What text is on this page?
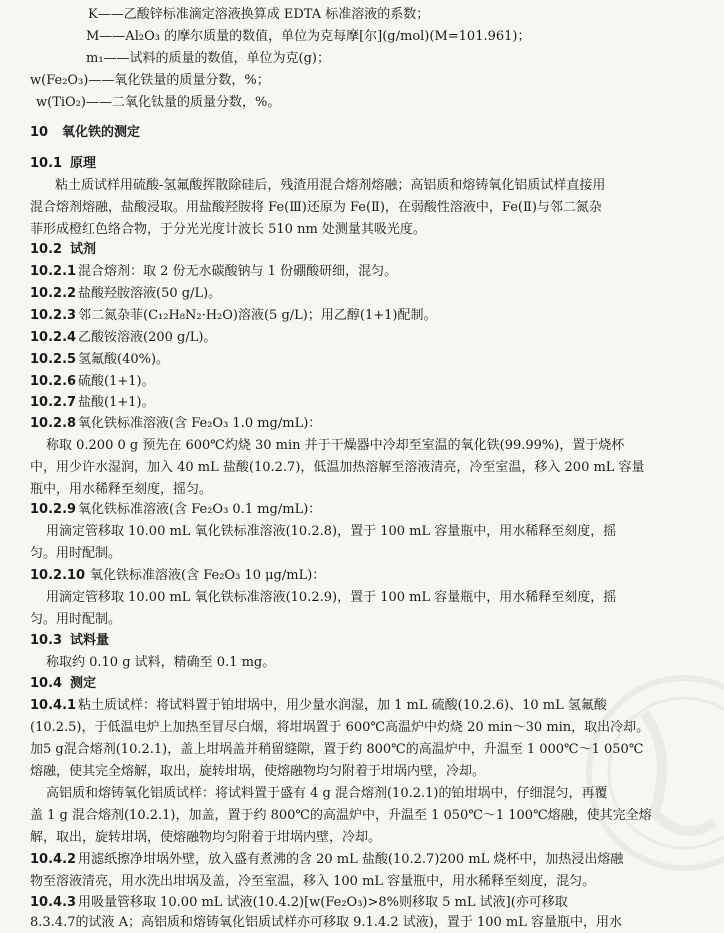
K——乙酸锌标准滴定溶液换算成 EDTA 标准溶液的系数；
M——Al₂O₃ 的摩尔质量的数值，单位为克每摩[尔](g/mol)(M=101.961)；
m₁——试料的质量的数值，单位为克(g)；
w(Fe₂O₃)——氧化铁量的质量分数，%；
w(TiO₂)——二氧化钛量的质量分数，%。
10 氧化铁的测定
10.1 原理
粘土质试样用硫酸-氢氟酸挥散除硅后，残渣用混合熔剂熔融；高铝质和熔铸氧化铝质试样直接用
混合熔剂熔融，盐酸浸取。用盐酸羟胺将 Fe(Ⅲ)还原为 Fe(Ⅱ)，在弱酸性溶液中，Fe(Ⅱ)与邻二氮杂
菲形成橙红色络合物，于分光光度计波长 510 nm 处测量其吸光度。
10.2 试剂
10.2.1 混合熔剂：取 2 份无水碳酸钠与 1 份硼酸研细，混匀。
10.2.2 盐酸羟胺溶液(50 g/L)。
10.2.3 邻二氮杂菲(C₁₂H₈N₂·H₂O)溶液(5 g/L)；用乙醇(1+1)配制。
10.2.4 乙酸铵溶液(200 g/L)。
10.2.5 氢氟酸(40%)。
10.2.6 硫酸(1+1)。
10.2.7 盐酸(1+1)。
10.2.8 氧化铁标准溶液(含 Fe₂O₃ 1.0 mg/mL)：
称取 0.200 0 g 预先在 600℃灼烧 30 min 并于干燥器中冷却至室温的氧化铁(99.99%)，置于烧杯
中，用少许水湿润，加入 40 mL 盐酸(10.2.7)，低温加热溶解至溶液清亮，冷至室温，移入 200 mL 容量
瓶中，用水稀释至刻度，摇匀。
10.2.9 氧化铁标准溶液(含 Fe₂O₃ 0.1 mg/mL)：
用滴定管移取 10.00 mL 氧化铁标准溶液(10.2.8)，置于 100 mL 容量瓶中，用水稀释至刻度，摇
匀。用时配制。
10.2.10 氧化铁标准溶液(含 Fe₂O₃ 10 μg/mL)：
用滴定管移取 10.00 mL 氧化铁标准溶液(10.2.9)，置于 100 mL 容量瓶中，用水稀释至刻度，摇
匀。用时配制。
10.3 试料量
称取约 0.10 g 试料，精确至 0.1 mg。
10.4 测定
10.4.1 粘土质试样：将试料置于铂坩埚中，用少量水润湿，加 1 mL 硫酸(10.2.6)、10 mL 氢氟酸
(10.2.5)，于低温电炉上加热至冒尽白烟，将坩埚置于 600℃高温炉中灼烧 20 min～30 min，取出冷却。
加5 g混合熔剂(10.2.1)，盖上坩埚盖并稍留缝隙，置于约 800℃的高温炉中，升温至 1 000℃～1 050℃
熔融，使其完全熔解，取出，旋转坩埚，使熔融物均匀附着于坩埚内壁，冷却。
高铝质和熔铸氧化铝质试样：将试料置于盛有 4 g 混合熔剂(10.2.1)的铂坩埚中，仔细混匀，再覆
盖 1 g 混合熔剂(10.2.1)，加盖，置于约 800℃的高温炉中，升温至 1 050℃～1 100℃熔融，使其完全熔
解，取出，旋转坩埚，使熔融物均匀附着于坩埚内壁，冷却。
10.4.2 用滤纸擦净坩埚外壁，放入盛有煮沸的含 20 mL 盐酸(10.2.7)200 mL 烧杯中，加热浸出熔融
物至溶液清亮，用水洗出坩埚及盖，冷至室温，移入 100 mL 容量瓶中，用水稀释至刻度，混匀。
10.4.3 用吸量管移取 10.00 mL 试液(10.4.2)[w(Fe₂O₃)>8%则移取 5 mL 试液](亦可移取
8.3.4.7的试液 A；高铝质和熔铸氧化铝质试样亦可移取 9.1.4.2 试液)，置于 100 mL 容量瓶中，用水
